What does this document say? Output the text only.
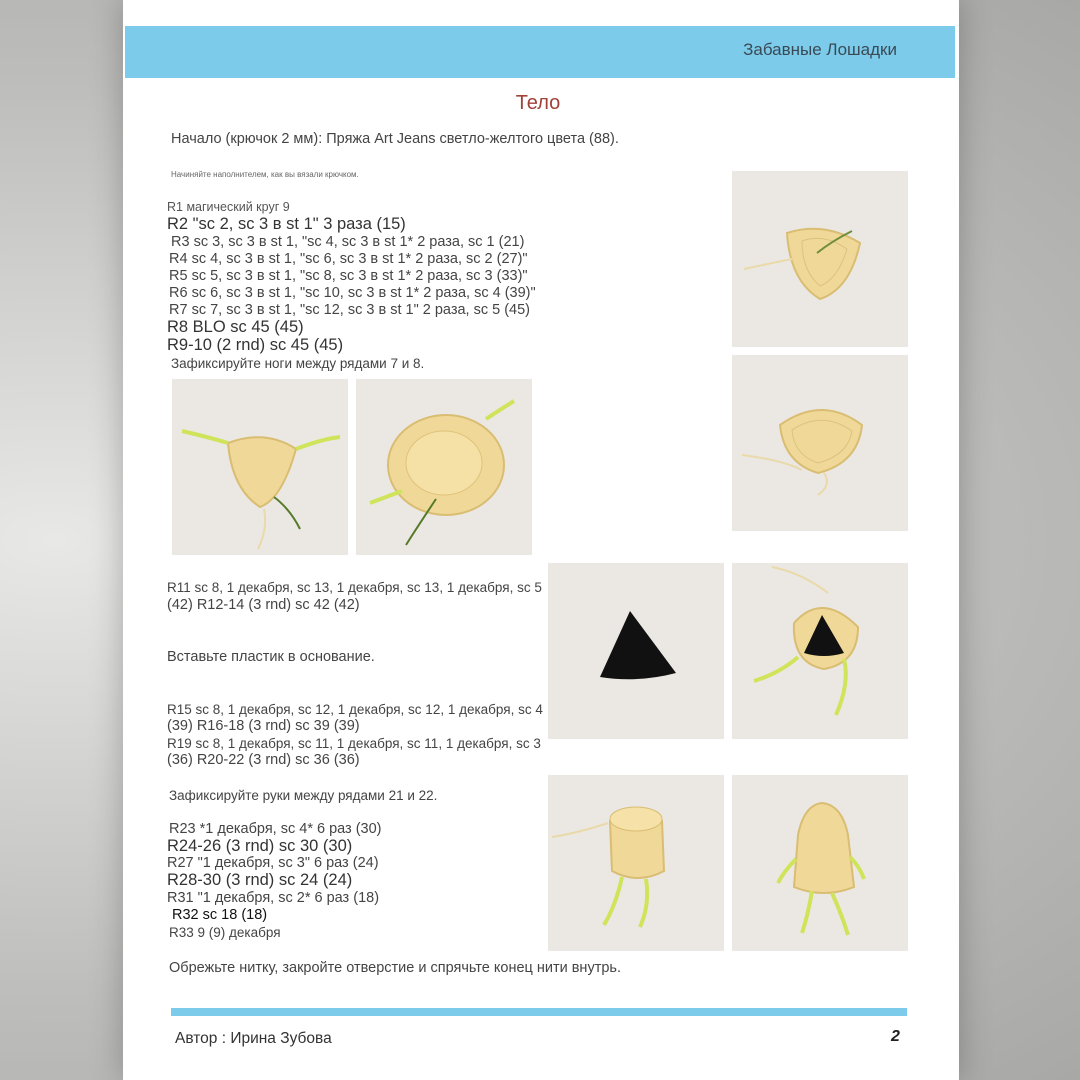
Забавные Лошадки
Тело
Начало (крючок 2 мм): Пряжа Art Jeans светло-желтого цвета (88).
Начиняйте наполнителем, как вы вязали крючком.
R1 магический круг 9
R2 "sc 2, sc 3 в st 1" 3 раза (15)
R3 sc 3, sc 3 в st 1, "sc 4, sc 3 в st 1* 2 раза, sc 1 (21)
R4 sc 4, sc 3 в st 1, "sc 6, sc 3 в st 1* 2 раза, sc 2 (27)"
R5 sc 5, sc 3 в st 1, "sc 8, sc 3 в st 1* 2 раза, sc 3 (33)"
R6 sc 6, sc 3 в st 1, "sc 10, sc 3 в st 1* 2 раза, sc 4 (39)"
R7 sc 7, sc 3 в st 1, "sc 12, sc 3 в st 1" 2 раза, sc 5 (45)
R8 BLO sc 45 (45)
R9-10 (2 rnd) sc 45 (45)
Зафиксируйте ноги между рядами 7 и 8.
R11 sc 8, 1 декабря, sc 13, 1 декабря, sc 13, 1 декабря, sc 5
(42) R12-14 (3 rnd) sc 42 (42)
Вставьте пластик в основание.
R15 sc 8, 1 декабря, sc 12, 1 декабря, sc 12, 1 декабря, sc 4
(39) R16-18 (3 rnd) sc 39 (39)
R19 sc 8, 1 декабря, sc 11, 1 декабря, sc 11, 1 декабря, sc 3
(36) R20-22 (3 rnd) sc 36 (36)
Зафиксируйте руки между рядами 21 и 22.
R23 *1 декабря, sc 4* 6 раз (30)
R24-26 (3 rnd) sc 30 (30)
R27 "1 декабря, sc 3" 6 раз (24)
R28-30 (3 rnd) sc 24 (24)
R31 "1 декабря, sc 2* 6 раз (18)
R32 sc 18 (18)
R33 9 (9) декабря
Обрежьте нитку, закройте отверстие и спрячьте конец нити внутрь.
Автор : Ирина Зубова	2
